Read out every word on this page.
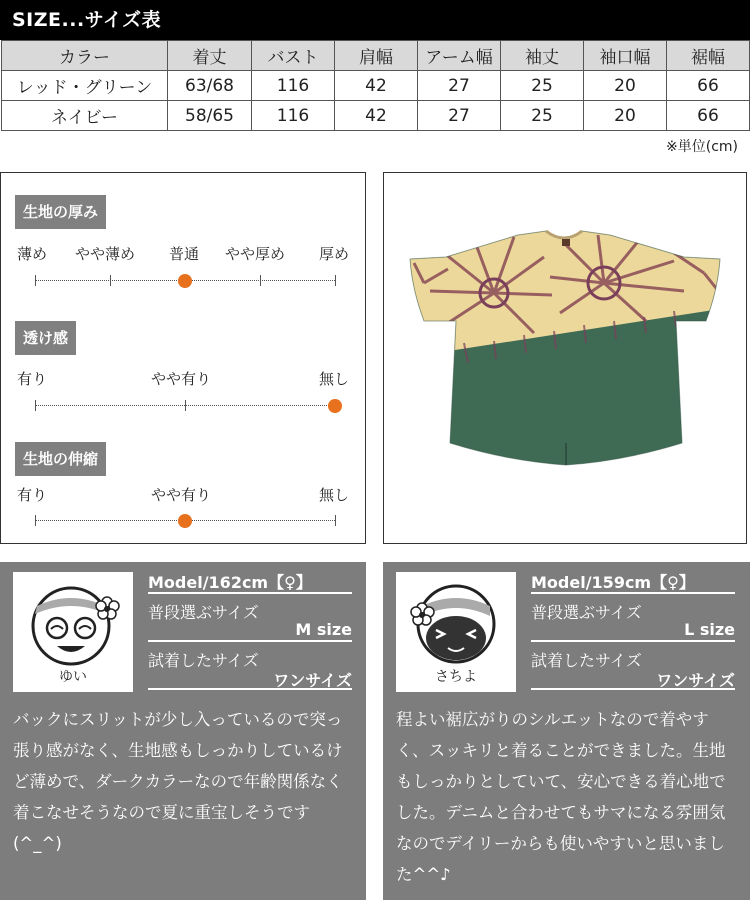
SIZE...サイズ表
カラー	着丈	バスト	肩幅	アーム幅	袖丈	袖口幅	裾幅
レッド・グリーン	63/68	116	42	27	25	20	66
ネイビー	58/65	116	42	27	25	20	66
※単位(cm)
生地の厚み
薄め やや薄め 普通 やや厚め 厚め
透け感
有り	やや有り	無し
生地の伸縮
有り	やや有り	無し
ゆい
Model/162cm【♀】
普段選ぶサイズ
M size
試着したサイズ
ワンサイズ
バックにスリットが少し入っているので突っ張り感がなく、生地感もしっかりしているけど薄めで、ダークカラーなので年齢関係なく着こなせそうなので夏に重宝しそうです(^_^)
さちよ
Model/159cm【♀】
普段選ぶサイズ
L size
試着したサイズ
ワンサイズ
程よい裾広がりのシルエットなので着やすく、スッキリと着ることができました。生地もしっかりとしていて、安心できる着心地でした。デニムと合わせてもサマになる雰囲気なのでデイリーからも使いやすいと思いました^^♪
